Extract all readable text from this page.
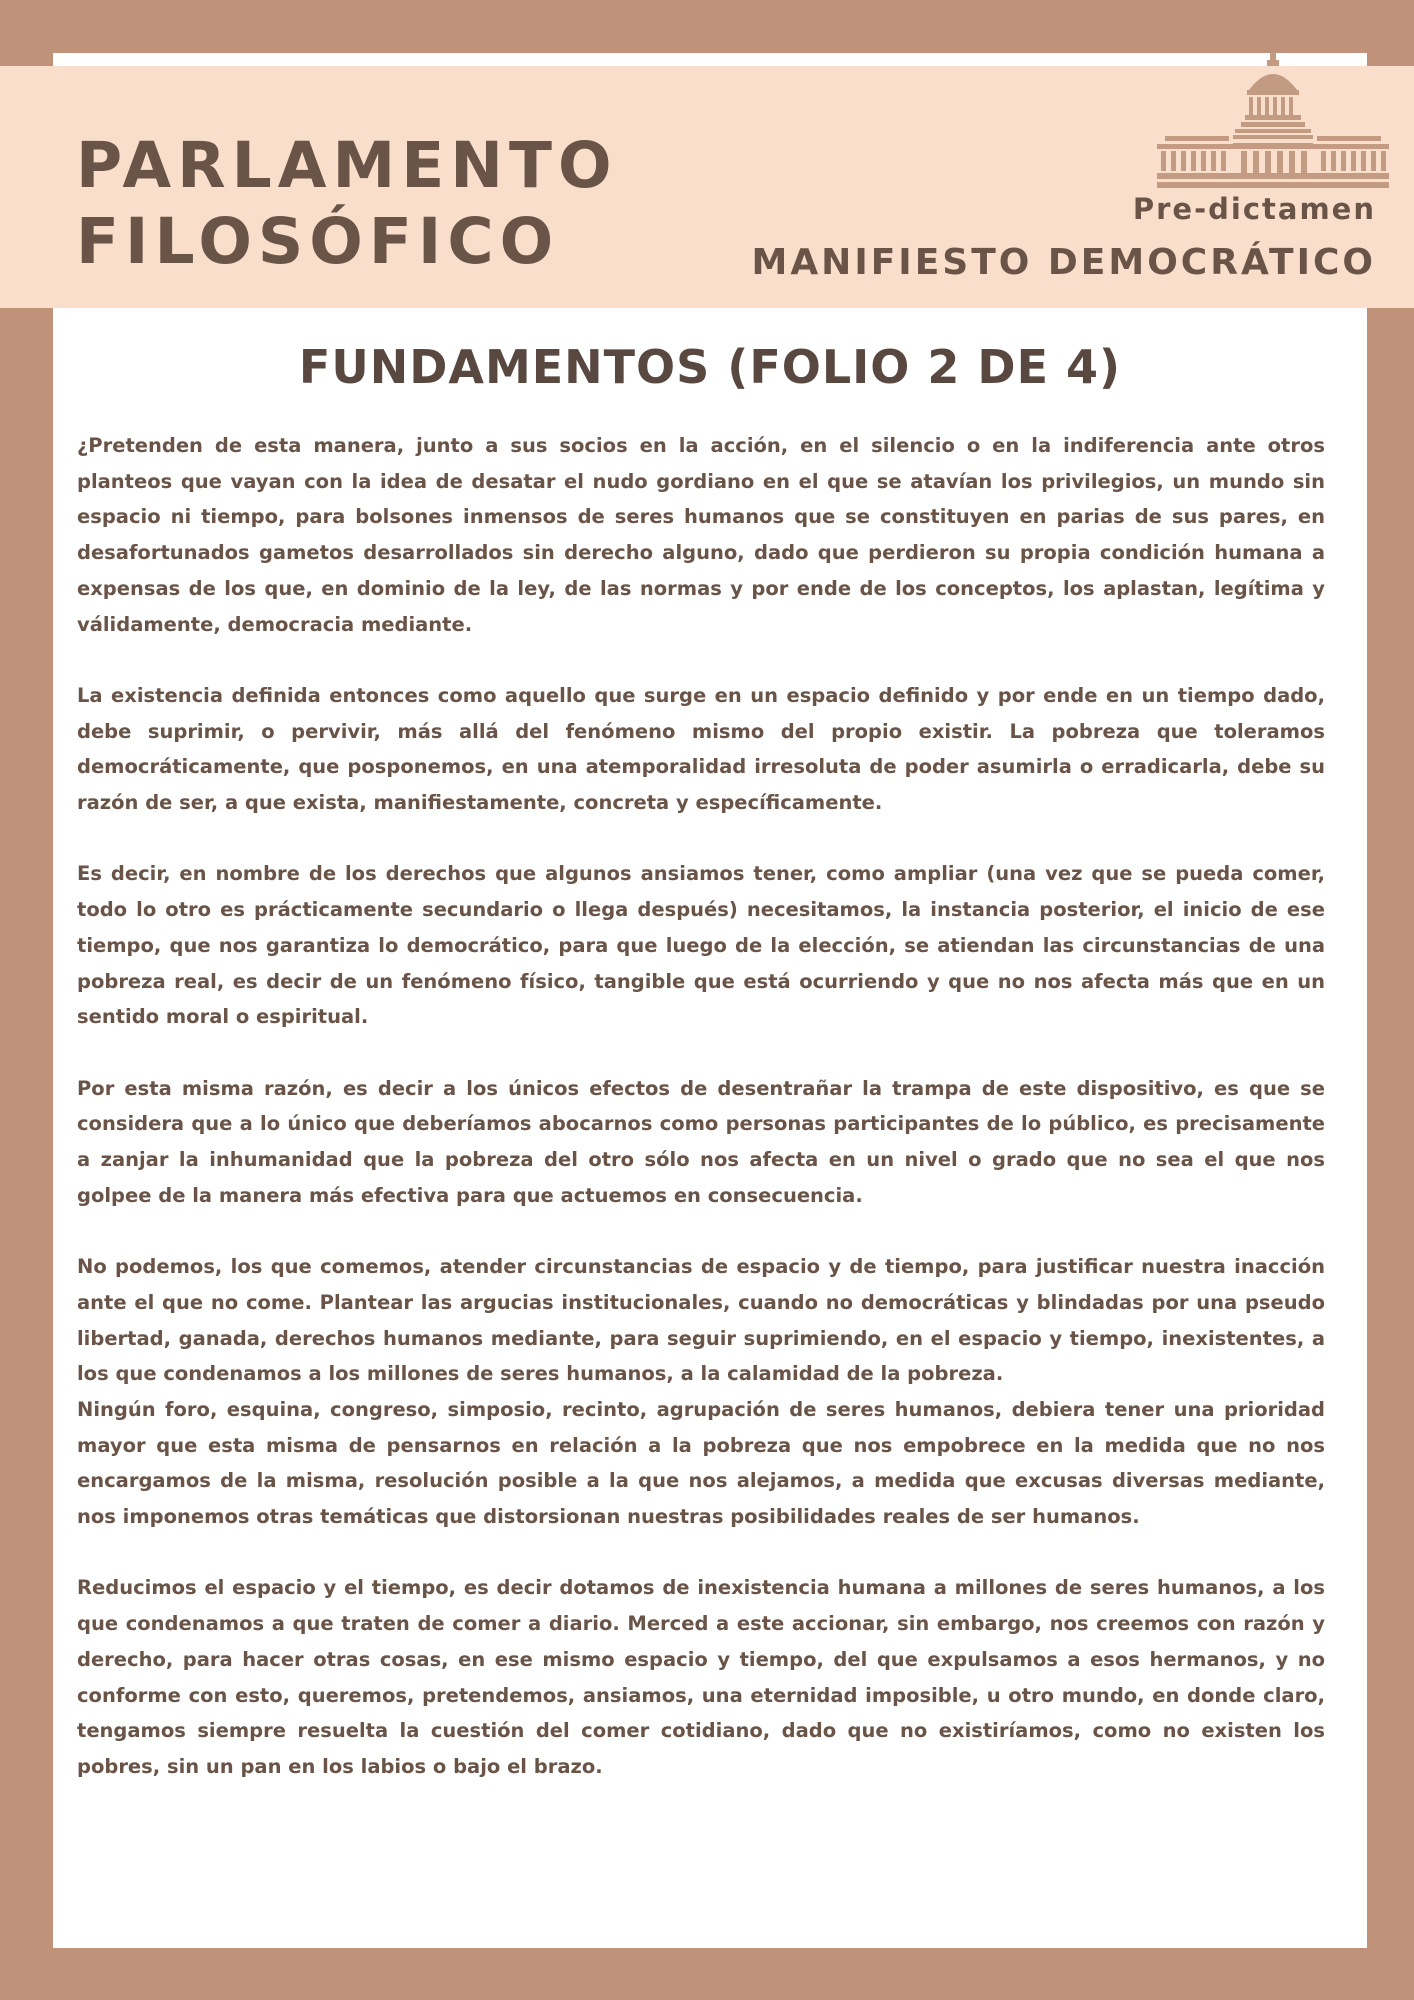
PARLAMENTO
FILOSÓFICO	Pre-dictamen

MANIFIESTO DEMOCRÁTICO

FUNDAMENTOS (FOLIO 2 DE 4)

¿Pretenden de esta manera, junto a sus socios en la acción, en el silencio o en la indiferencia ante otros planteos que vayan con la idea de desatar el nudo gordiano en el que se atavían los privilegios, un mundo sin espacio ni tiempo, para bolsones inmensos de seres humanos que se constituyen en parias de sus pares, en desafortunados gametos desarrollados sin derecho alguno, dado que perdieron su propia condición humana a expensas de los que, en dominio de la ley, de las normas y por ende de los conceptos, los aplastan, legítima y válidamente, democracia mediante.

La existencia definida entonces como aquello que surge en un espacio definido y por ende en un tiempo dado, debe suprimir, o pervivir, más allá del fenómeno mismo del propio existir. La pobreza que toleramos democráticamente, que posponemos, en una atemporalidad irresoluta de poder asumirla o erradicarla, debe su razón de ser, a que exista, manifiestamente, concreta y específicamente.

Es decir, en nombre de los derechos que algunos ansiamos tener, como ampliar (una vez que se pueda comer, todo lo otro es prácticamente secundario o llega después) necesitamos, la instancia posterior, el inicio de ese tiempo, que nos garantiza lo democrático, para que luego de la elección, se atiendan las circunstancias de una pobreza real, es decir de un fenómeno físico, tangible que está ocurriendo y que no nos afecta más que en un sentido moral o espiritual.

Por esta misma razón, es decir a los únicos efectos de desentrañar la trampa de este dispositivo, es que se considera que a lo único que deberíamos abocarnos como personas participantes de lo público, es precisamente a zanjar la inhumanidad que la pobreza del otro sólo nos afecta en un nivel o grado que no sea el que nos golpee de la manera más efectiva para que actuemos en consecuencia.

No podemos, los que comemos, atender circunstancias de espacio y de tiempo, para justificar nuestra inacción ante el que no come. Plantear las argucias institucionales, cuando no democráticas y blindadas por una pseudo libertad, ganada, derechos humanos mediante, para seguir suprimiendo, en el espacio y tiempo, inexistentes, a los que condenamos a los millones de seres humanos, a la calamidad de la pobreza.

Ningún foro, esquina, congreso, simposio, recinto, agrupación de seres humanos, debiera tener una prioridad mayor que esta misma de pensarnos en relación a la pobreza que nos empobrece en la medida que no nos encargamos de la misma, resolución posible a la que nos alejamos, a medida que excusas diversas mediante, nos imponemos otras temáticas que distorsionan nuestras posibilidades reales de ser humanos.

Reducimos el espacio y el tiempo, es decir dotamos de inexistencia humana a millones de seres humanos, a los que condenamos a que traten de comer a diario. Merced a este accionar, sin embargo, nos creemos con razón y derecho, para hacer otras cosas, en ese mismo espacio y tiempo, del que expulsamos a esos hermanos, y no conforme con esto, queremos, pretendemos, ansiamos, una eternidad imposible, u otro mundo, en donde claro, tengamos siempre resuelta la cuestión del comer cotidiano, dado que no existiríamos, como no existen los pobres, sin un pan en los labios o bajo el brazo.
